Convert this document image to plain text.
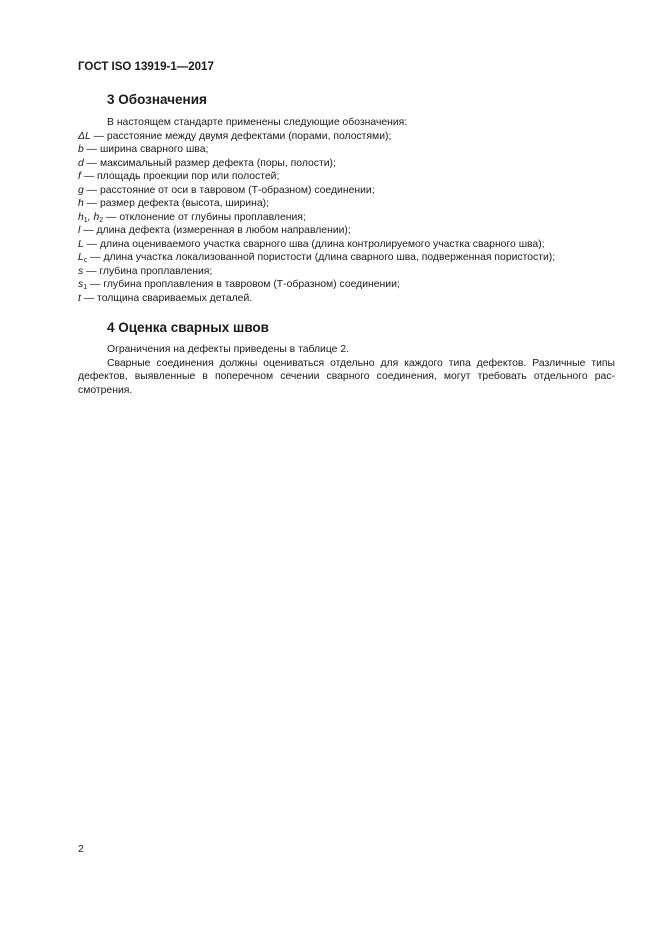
ГОСТ ISO 13919-1—2017
3 Обозначения
В настоящем стандарте применены следующие обозначения:
ΔL — расстояние между двумя дефектами (порами, полостями);
b — ширина сварного шва;
d — максимальный размер дефекта (поры, полости);
f — площадь проекции пор или полостей;
g — расстояние от оси в тавровом (Т-образном) соединении;
h — размер дефекта (высота, ширина);
$h_1$, $h_2$ — отклонение от глубины проплавления;
l — длина дефекта (измеренная в любом направлении);
L — длина оцениваемого участка сварного шва (длина контролируемого участка сварного шва);
$L_c$ — длина участка локализованной пористости (длина сварного шва, подверженная пористости);
s — глубина проплавления;
$s_1$ — глубина проплавления в тавровом (Т-образном) соединении;
t — толщина свариваемых деталей.
4 Оценка сварных швов
Ограничения на дефекты приведены в таблице 2.
Сварные соединения должны оцениваться отдельно для каждого типа дефектов. Различные типы
дефектов, выявленные в поперечном сечении сварного соединения, могут требовать отдельного рас-
смотрения.
2
